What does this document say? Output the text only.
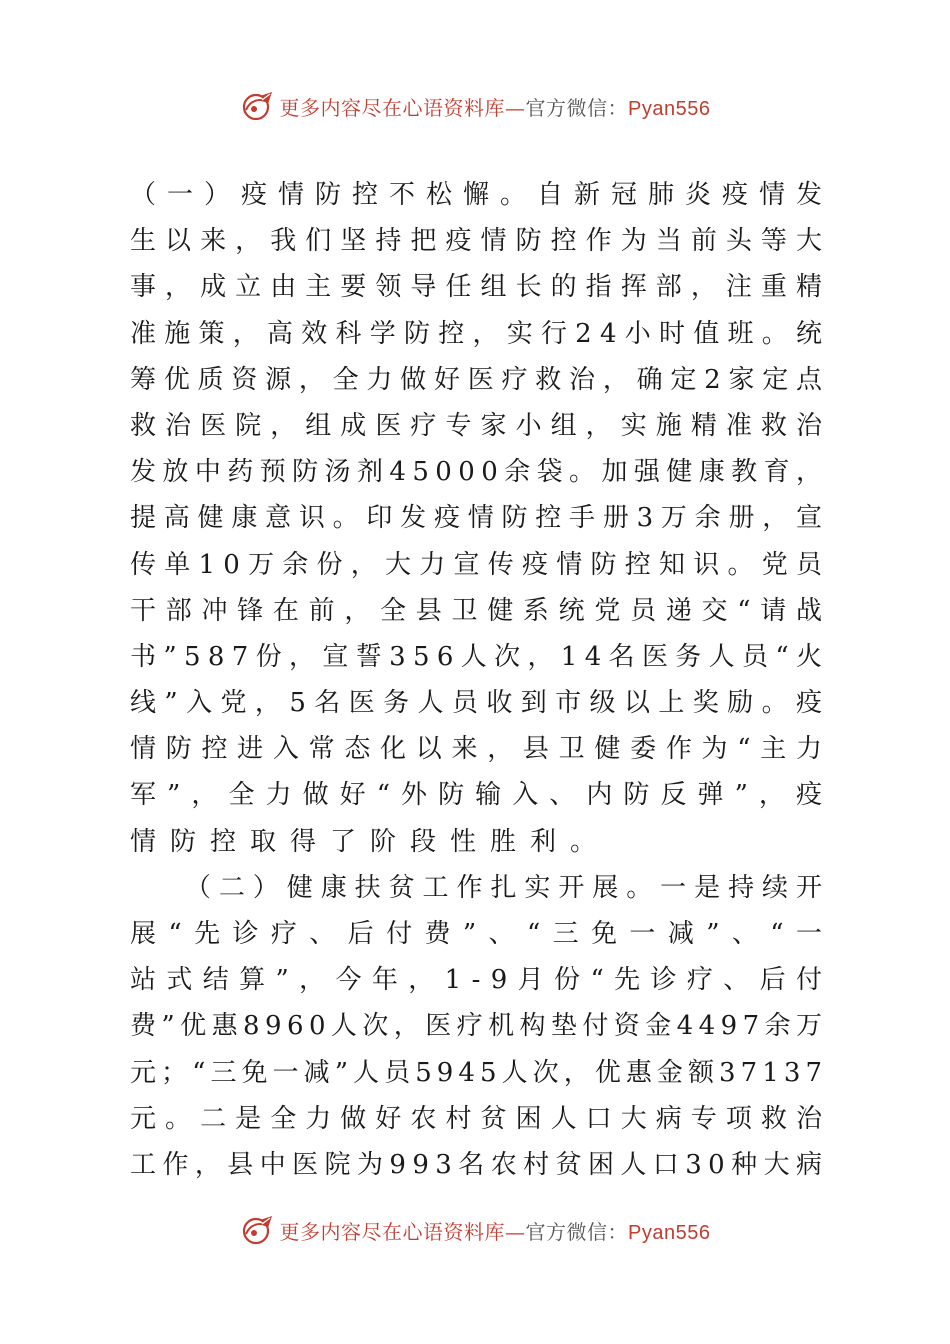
更多内容尽在心语资料库—官方微信：Pyan556
（一）疫情防控不松懈。自新冠肺炎疫情发
生以来，我们坚持把疫情防控作为当前头等大
事，成立由主要领导任组长的指挥部，注重精
准施策，高效科学防控，实行24小时值班。统
筹优质资源，全力做好医疗救治，确定2家定点
救治医院，组成医疗专家小组，实施精准救治
发放中药预防汤剂45000余袋。加强健康教育，
提高健康意识。印发疫情防控手册3万余册，宣
传单10万余份，大力宣传疫情防控知识。党员
干部冲锋在前，全县卫健系统党员递交“请战
书”587份，宣誓356人次，14名医务人员“火
线”入党，5名医务人员收到市级以上奖励。疫
情防控进入常态化以来，县卫健委作为“主力
军”，全力做好“外防输入、内防反弹”，疫
情防控取得了阶段性胜利。
　　（二）健康扶贫工作扎实开展。一是持续开
展“先诊疗、后付费”、“三免一减”、“一
站式结算”，今年，1-9月份“先诊疗、后付
费”优惠8960人次，医疗机构垫付资金4497余万
元；“三免一减”人员5945人次，优惠金额37137
元。二是全力做好农村贫困人口大病专项救治
工作，县中医院为993名农村贫困人口30种大病
更多内容尽在心语资料库—官方微信：Pyan556
